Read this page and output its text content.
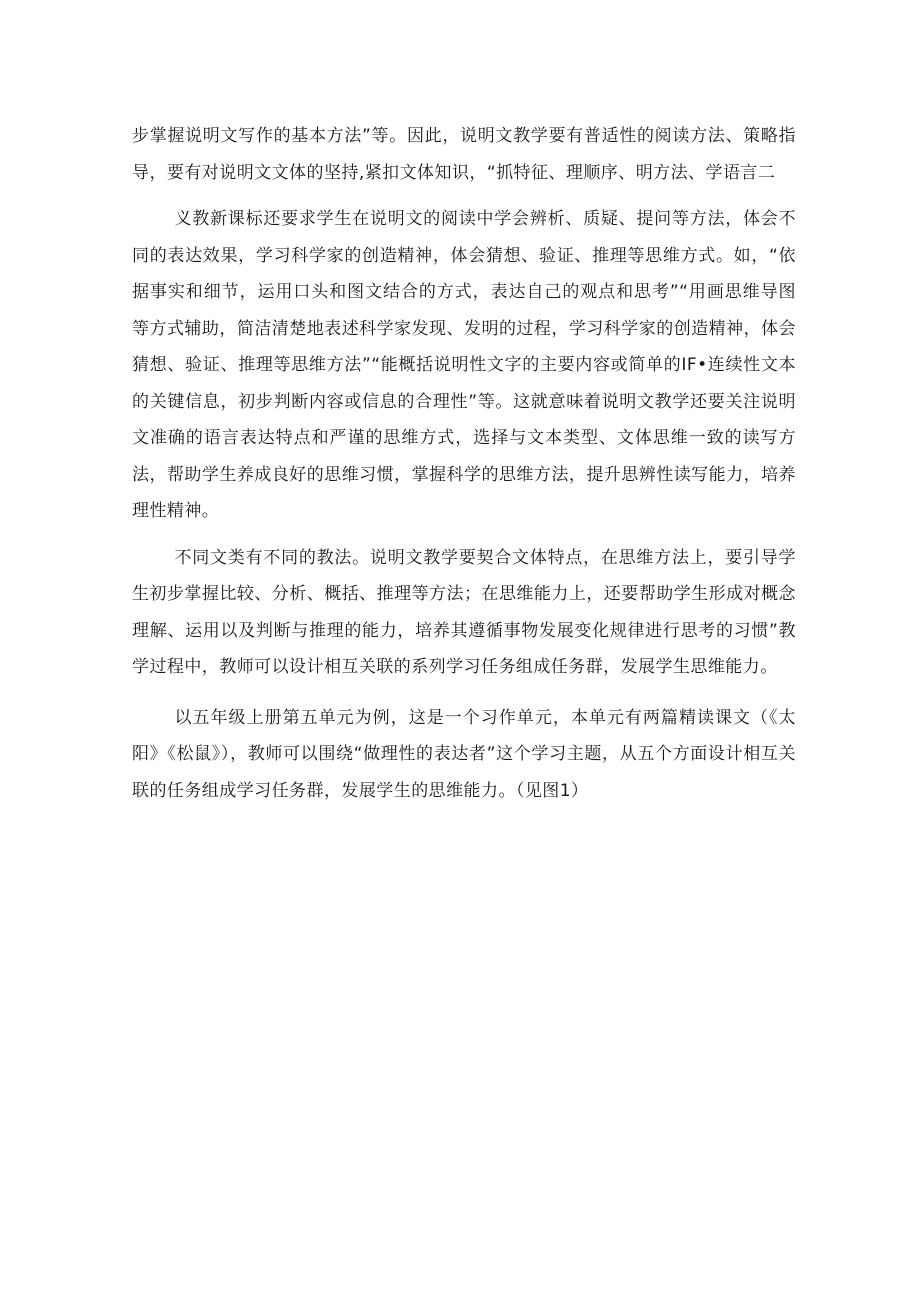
步掌握说明文写作的基本方法”等。因此，说明文教学要有普适性的阅读方法、策略指导，要有对说明文文体的坚持,紧扣文体知识，“抓特征、理顺序、明方法、学语言二

义教新课标还要求学生在说明文的阅读中学会辨析、质疑、提问等方法，体会不同的表达效果，学习科学家的创造精神，体会猜想、验证、推理等思维方式。如，“依据事实和细节，运用口头和图文结合的方式，表达自己的观点和思考”“用画思维导图等方式辅助，简洁清楚地表述科学家发现、发明的过程，学习科学家的创造精神，体会猜想、验证、推理等思维方法”“能概括说明性文字的主要内容或简单的IF•连续性文本的关键信息，初步判断内容或信息的合理性”等。这就意味着说明文教学还要关注说明文准确的语言表达特点和严谨的思维方式，选择与文本类型、文体思维一致的读写方法，帮助学生养成良好的思维习惯，掌握科学的思维方法，提升思辨性读写能力，培养理性精神。

不同文类有不同的教法。说明文教学要契合文体特点，在思维方法上，要引导学生初步掌握比较、分析、概括、推理等方法；在思维能力上，还要帮助学生形成对概念理解、运用以及判断与推理的能力，培养其遵循事物发展变化规律进行思考的习惯”教学过程中，教师可以设计相互关联的系列学习任务组成任务群，发展学生思维能力。

以五年级上册第五单元为例，这是一个习作单元，本单元有两篇精读课文（《太阳》《松鼠》），教师可以围绕“做理性的表达者”这个学习主题，从五个方面设计相互关联的任务组成学习任务群，发展学生的思维能力。（见图1）
